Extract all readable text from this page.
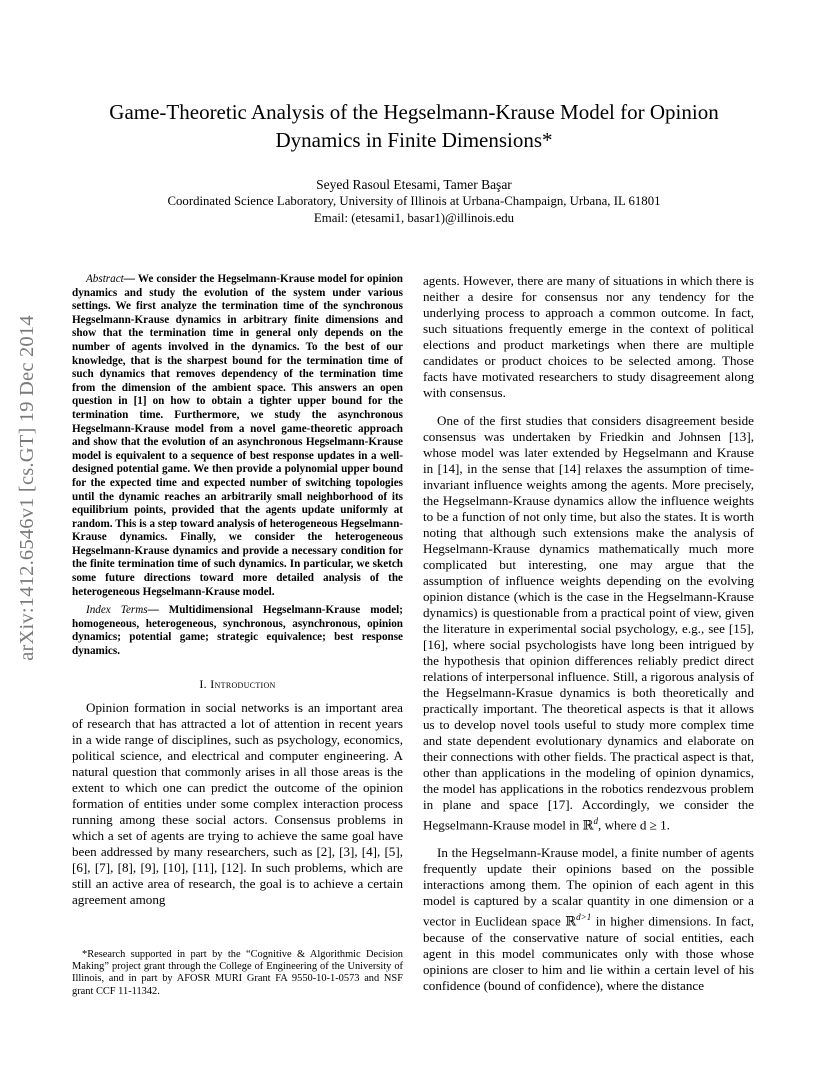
arXiv:1412.6546v1 [cs.GT] 19 Dec 2014
Game-Theoretic Analysis of the Hegselmann-Krause Model for Opinion
Dynamics in Finite Dimensions*
Seyed Rasoul Etesami, Tamer Başar
Coordinated Science Laboratory, University of Illinois at Urbana-Champaign, Urbana, IL 61801
Email: (etesami1, basar1)@illinois.edu

Abstract— We consider the Hegselmann-Krause model for opinion dynamics and study the evolution of the system under various settings. We first analyze the termination time of the synchronous Hegselmann-Krause dynamics in arbitrary finite dimensions and show that the termination time in general only depends on the number of agents involved in the dynamics. To the best of our knowledge, that is the sharpest bound for the termination time of such dynamics that removes dependency of the termination time from the dimension of the ambient space. This answers an open question in [1] on how to obtain a tighter upper bound for the termination time. Furthermore, we study the asynchronous Hegselmann-Krause model from a novel game-theoretic approach and show that the evolution of an asynchronous Hegselmann-Krause model is equivalent to a sequence of best response updates in a well-designed potential game. We then provide a polynomial upper bound for the expected time and expected number of switching topologies until the dynamic reaches an arbitrarily small neighborhood of its equilibrium points, provided that the agents update uniformly at random. This is a step toward analysis of heterogeneous Hegselmann-Krause dynamics. Finally, we consider the heterogeneous Hegselmann-Krause dynamics and provide a necessary condition for the finite termination time of such dynamics. In particular, we sketch some future directions toward more detailed analysis of the heterogeneous Hegselmann-Krause model.

Index Terms— Multidimensional Hegselmann-Krause model; homogeneous, heterogeneous, synchronous, asynchronous, opinion dynamics; potential game; strategic equivalence; best response dynamics.

I. Introduction

Opinion formation in social networks is an important area of research that has attracted a lot of attention in recent years in a wide range of disciplines, such as psychology, economics, political science, and electrical and computer engineering. A natural question that commonly arises in all those areas is the extent to which one can predict the outcome of the opinion formation of entities under some complex interaction process running among these social actors. Consensus problems in which a set of agents are trying to achieve the same goal have been addressed by many researchers, such as [2], [3], [4], [5], [6], [7], [8], [9], [10], [11], [12]. In such problems, which are still an active area of research, the goal is to achieve a certain agreement among

*Research supported in part by the “Cognitive & Algorithmic Decision Making” project grant through the College of Engineering of the University of Illinois, and in part by AFOSR MURI Grant FA 9550-10-1-0573 and NSF grant CCF 11-11342.

agents. However, there are many of situations in which there is neither a desire for consensus nor any tendency for the underlying process to approach a common outcome. In fact, such situations frequently emerge in the context of political elections and product marketings when there are multiple candidates or product choices to be selected among. Those facts have motivated researchers to study disagreement along with consensus.

One of the first studies that considers disagreement beside consensus was undertaken by Friedkin and Johnsen [13], whose model was later extended by Hegselmann and Krause in [14], in the sense that [14] relaxes the assumption of time-invariant influence weights among the agents. More precisely, the Hegselmann-Krause dynamics allow the influence weights to be a function of not only time, but also the states. It is worth noting that although such extensions make the analysis of Hegselmann-Krause dynamics mathematically much more complicated but interesting, one may argue that the assumption of influence weights depending on the evolving opinion distance (which is the case in the Hegselmann-Krause dynamics) is questionable from a practical point of view, given the literature in experimental social psychology, e.g., see [15], [16], where social psychologists have long been intrigued by the hypothesis that opinion differences reliably predict direct relations of interpersonal influence. Still, a rigorous analysis of the Hegselmann-Krasue dynamics is both theoretically and practically important. The theoretical aspects is that it allows us to develop novel tools useful to study more complex time and state dependent evolutionary dynamics and elaborate on their connections with other fields. The practical aspect is that, other than applications in the modeling of opinion dynamics, the model has applications in the robotics rendezvous problem in plane and space [17]. Accordingly, we consider the Hegselmann-Krause model in ℝ$^d$, where d ≥ 1.

In the Hegselmann-Krause model, a finite number of agents frequently update their opinions based on the possible interactions among them. The opinion of each agent in this model is captured by a scalar quantity in one dimension or a vector in Euclidean space ℝ$^{d>1}$ in higher dimensions. In fact, because of the conservative nature of social entities, each agent in this model communicates only with those whose opinions are closer to him and lie within a certain level of his confidence (bound of confidence), where the distance
